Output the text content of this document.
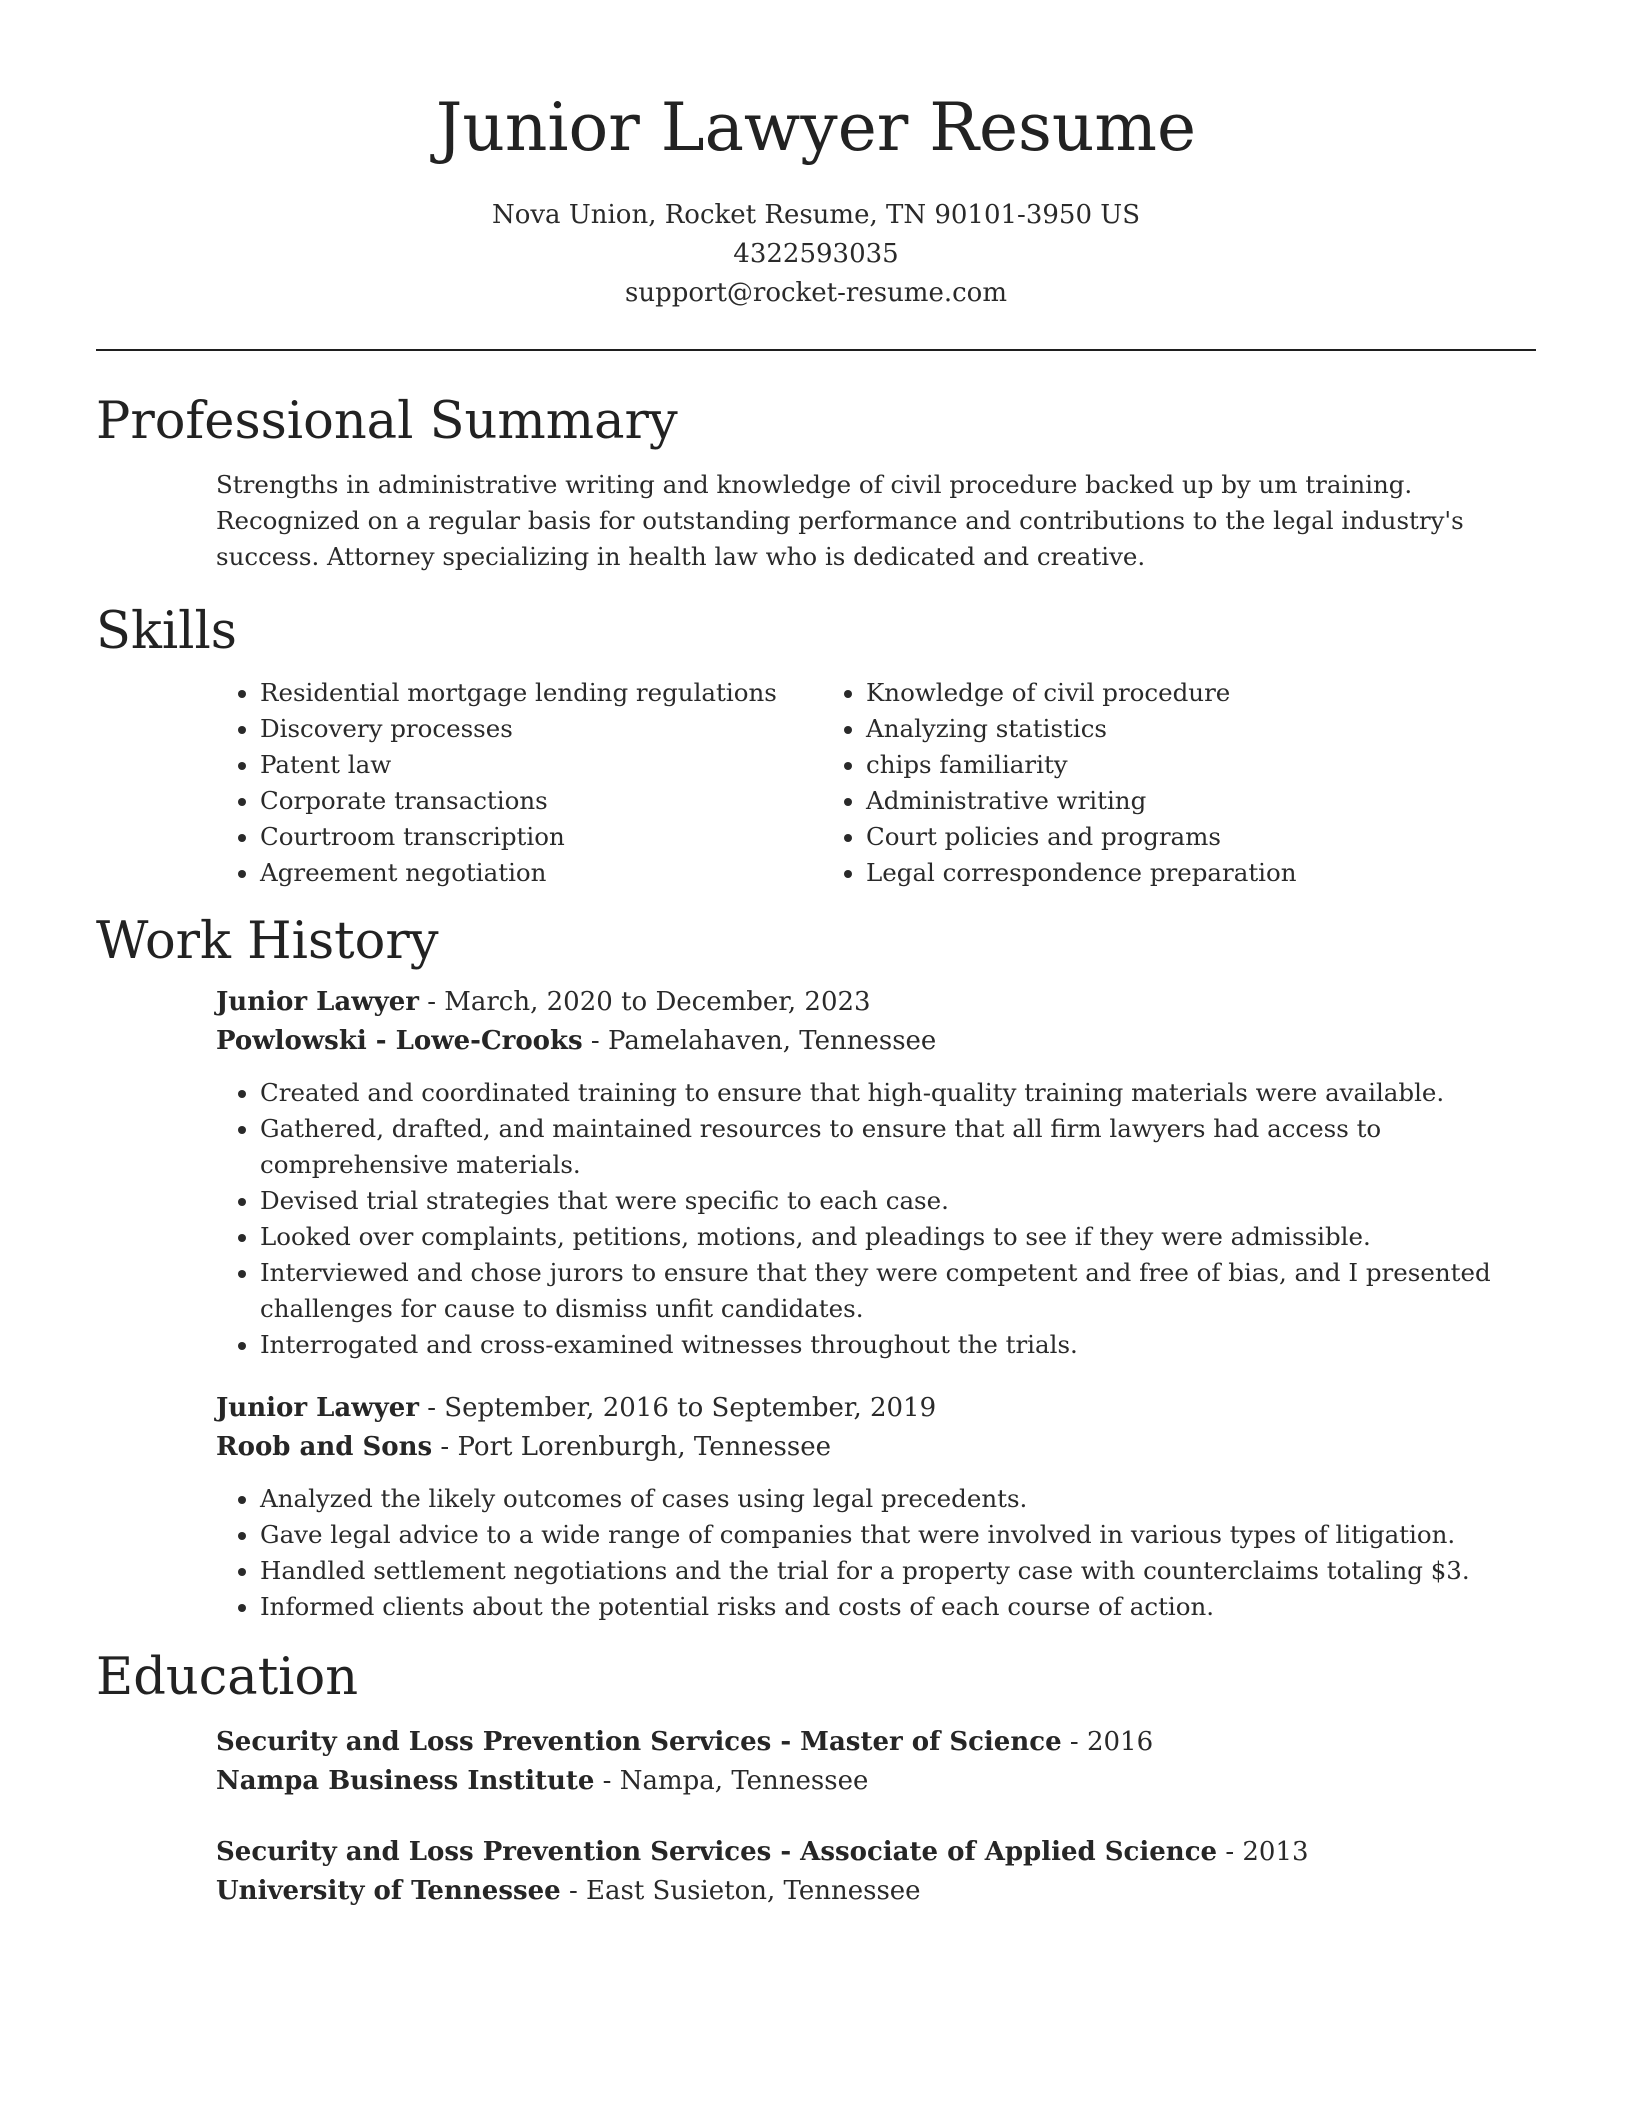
Junior Lawyer Resume
Nova Union, Rocket Resume, TN 90101-3950 US
4322593035
support@rocket-resume.com
Professional Summary

Strengths in administrative writing and knowledge of civil procedure backed up by um training. Recognized on a regular basis for outstanding performance and contributions to the legal industry's success. Attorney specializing in health law who is dedicated and creative.

Skills
• Residential mortgage lending regulations
• Discovery processes
• Patent law
• Corporate transactions
• Courtroom transcription
• Agreement negotiation
• Knowledge of civil procedure
• Analyzing statistics
• chips familiarity
• Administrative writing
• Court policies and programs
• Legal correspondence preparation
Work History
Junior Lawyer - March, 2020 to December, 2023
Powlowski - Lowe-Crooks - Pamelahaven, Tennessee
• Created and coordinated training to ensure that high-quality training materials were available.
• Gathered, drafted, and maintained resources to ensure that all firm lawyers had access to comprehensive materials.
• Devised trial strategies that were specific to each case.
• Looked over complaints, petitions, motions, and pleadings to see if they were admissible.
• Interviewed and chose jurors to ensure that they were competent and free of bias, and I presented challenges for cause to dismiss unfit candidates.
• Interrogated and cross-examined witnesses throughout the trials.
Junior Lawyer - September, 2016 to September, 2019
Roob and Sons - Port Lorenburgh, Tennessee
• Analyzed the likely outcomes of cases using legal precedents.
• Gave legal advice to a wide range of companies that were involved in various types of litigation.
• Handled settlement negotiations and the trial for a property case with counterclaims totaling $3.
• Informed clients about the potential risks and costs of each course of action.
Education
Security and Loss Prevention Services - Master of Science - 2016
Nampa Business Institute - Nampa, Tennessee
Security and Loss Prevention Services - Associate of Applied Science - 2013
University of Tennessee - East Susieton, Tennessee
